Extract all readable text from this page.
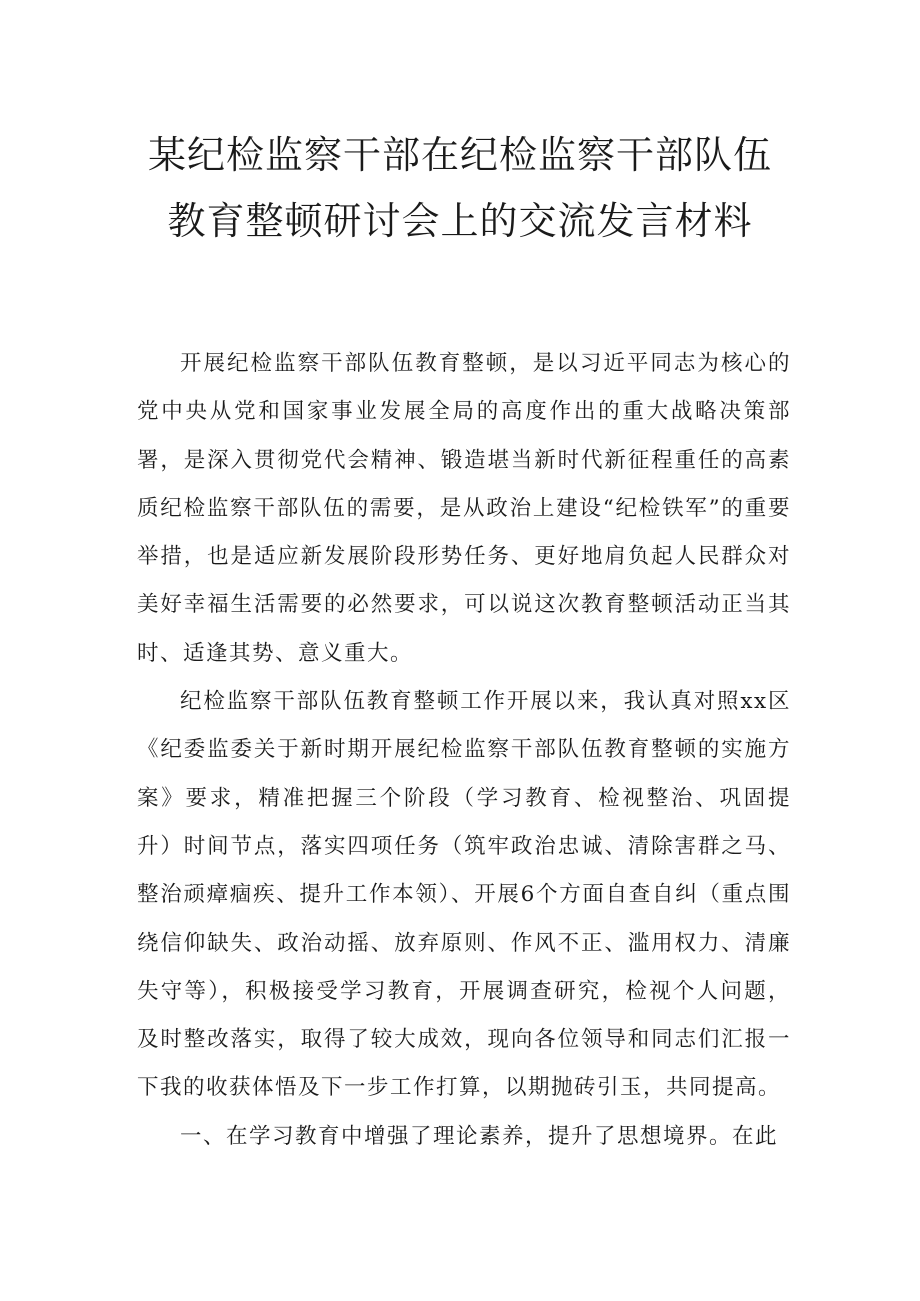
某纪检监察干部在纪检监察干部队伍教育整顿研讨会上的交流发言材料

开展纪检监察干部队伍教育整顿，是以习近平同志为核心的党中央从党和国家事业发展全局的高度作出的重大战略决策部署，是深入贯彻党代会精神、锻造堪当新时代新征程重任的高素质纪检监察干部队伍的需要，是从政治上建设“纪检铁军”的重要举措，也是适应新发展阶段形势任务、更好地肩负起人民群众对美好幸福生活需要的必然要求，可以说这次教育整顿活动正当其时、适逢其势、意义重大。

纪检监察干部队伍教育整顿工作开展以来，我认真对照xx区《纪委监委关于新时期开展纪检监察干部队伍教育整顿的实施方案》要求，精准把握三个阶段（学习教育、检视整治、巩固提升）时间节点，落实四项任务（筑牢政治忠诚、清除害群之马、整治顽瘴痼疾、提升工作本领）、开展6个方面自查自纠（重点围绕信仰缺失、政治动摇、放弃原则、作风不正、滥用权力、清廉失守等），积极接受学习教育，开展调查研究，检视个人问题，及时整改落实，取得了较大成效，现向各位领导和同志们汇报一下我的收获体悟及下一步工作打算，以期抛砖引玉，共同提高。

一、在学习教育中增强了理论素养，提升了思想境界。在此
